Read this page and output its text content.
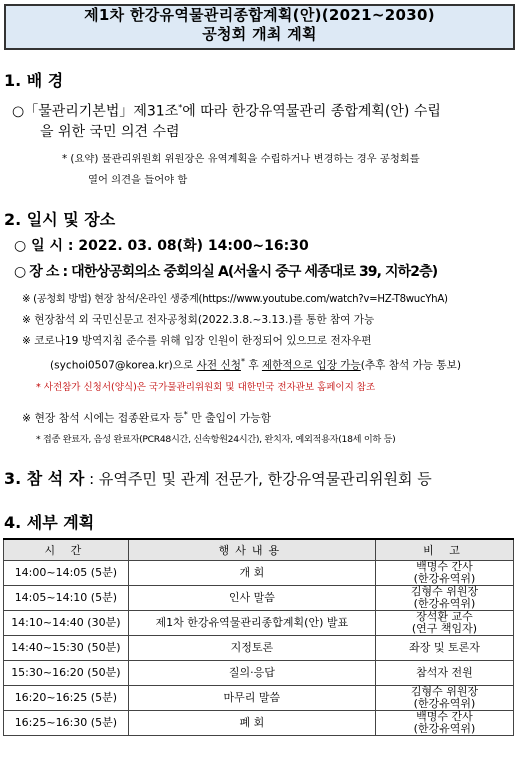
제1차 한강유역물관리종합계획(안)(2021~2030)
공청회 개최 계획
1. 배 경
○「물관리기본법」제31조*에 따라 한강유역물관리 종합계획(안) 수립
을 위한 국민 의견 수렴
* (요약) 물관리위원회 위원장은 유역계획을 수립하거나 변경하는 경우 공청회를
열어 의견을 들어야 함
2. 일시 및 장소
○ 일 시 : 2022. 03. 08(화) 14:00~16:30
○ 장 소 : 대한상공회의소 중회의실 A(서울시 중구 세종대로 39, 지하2층)
※ (공청회 방법) 현장 참석/온라인 생중계(https://www.youtube.com/watch?v=HZ-T8wucYhA)
※ 현장참석 외 국민신문고 전자공청회(2022.3.8.~3.13.)를 통한 참여 가능
※ 코로나19 방역지침 준수를 위해 입장 인원이 한정되어 있으므로 전자우편
(sychoi0507@korea.kr)으로 사전 신청* 후 제한적으로 입장 가능(추후 참석 가능 통보)
* 사전참가 신청서(양식)은 국가물관리위원회 및 대한민국 전자관보 홈페이지 참조
※ 현장 참석 시에는 접종완료자 등* 만 출입이 가능함
* 접종 완료자, 음성 완료자(PCR48시간, 신속항원24시간), 완치자, 예외적용자(18세 이하 등)
3. 참 석 자 : 유역주민 및 관계 전문가, 한강유역물관리위원회 등
4. 세부 계획
시 간	행사내용	비 고
14:00~14:05 (5분)	개 회	백명수 간사
(한강유역위)

14:05~14:10 (5분)	인사 말씀	김형수 위원장
(한강유역위)

14:10~14:40 (30분)	제1차 한강유역물관리종합계획(안) 발표	장석환 교수
(연구 책임자)

14:40~15:30 (50분)	지정토론	좌장 및 토론자
15:30~16:20 (50분)	질의·응답	참석자 전원
16:20~16:25 (5분)	마무리 말씀	김형수 위원장
(한강유역위)

16:25~16:30 (5분)	폐 회	백명수 간사
(한강유역위)
